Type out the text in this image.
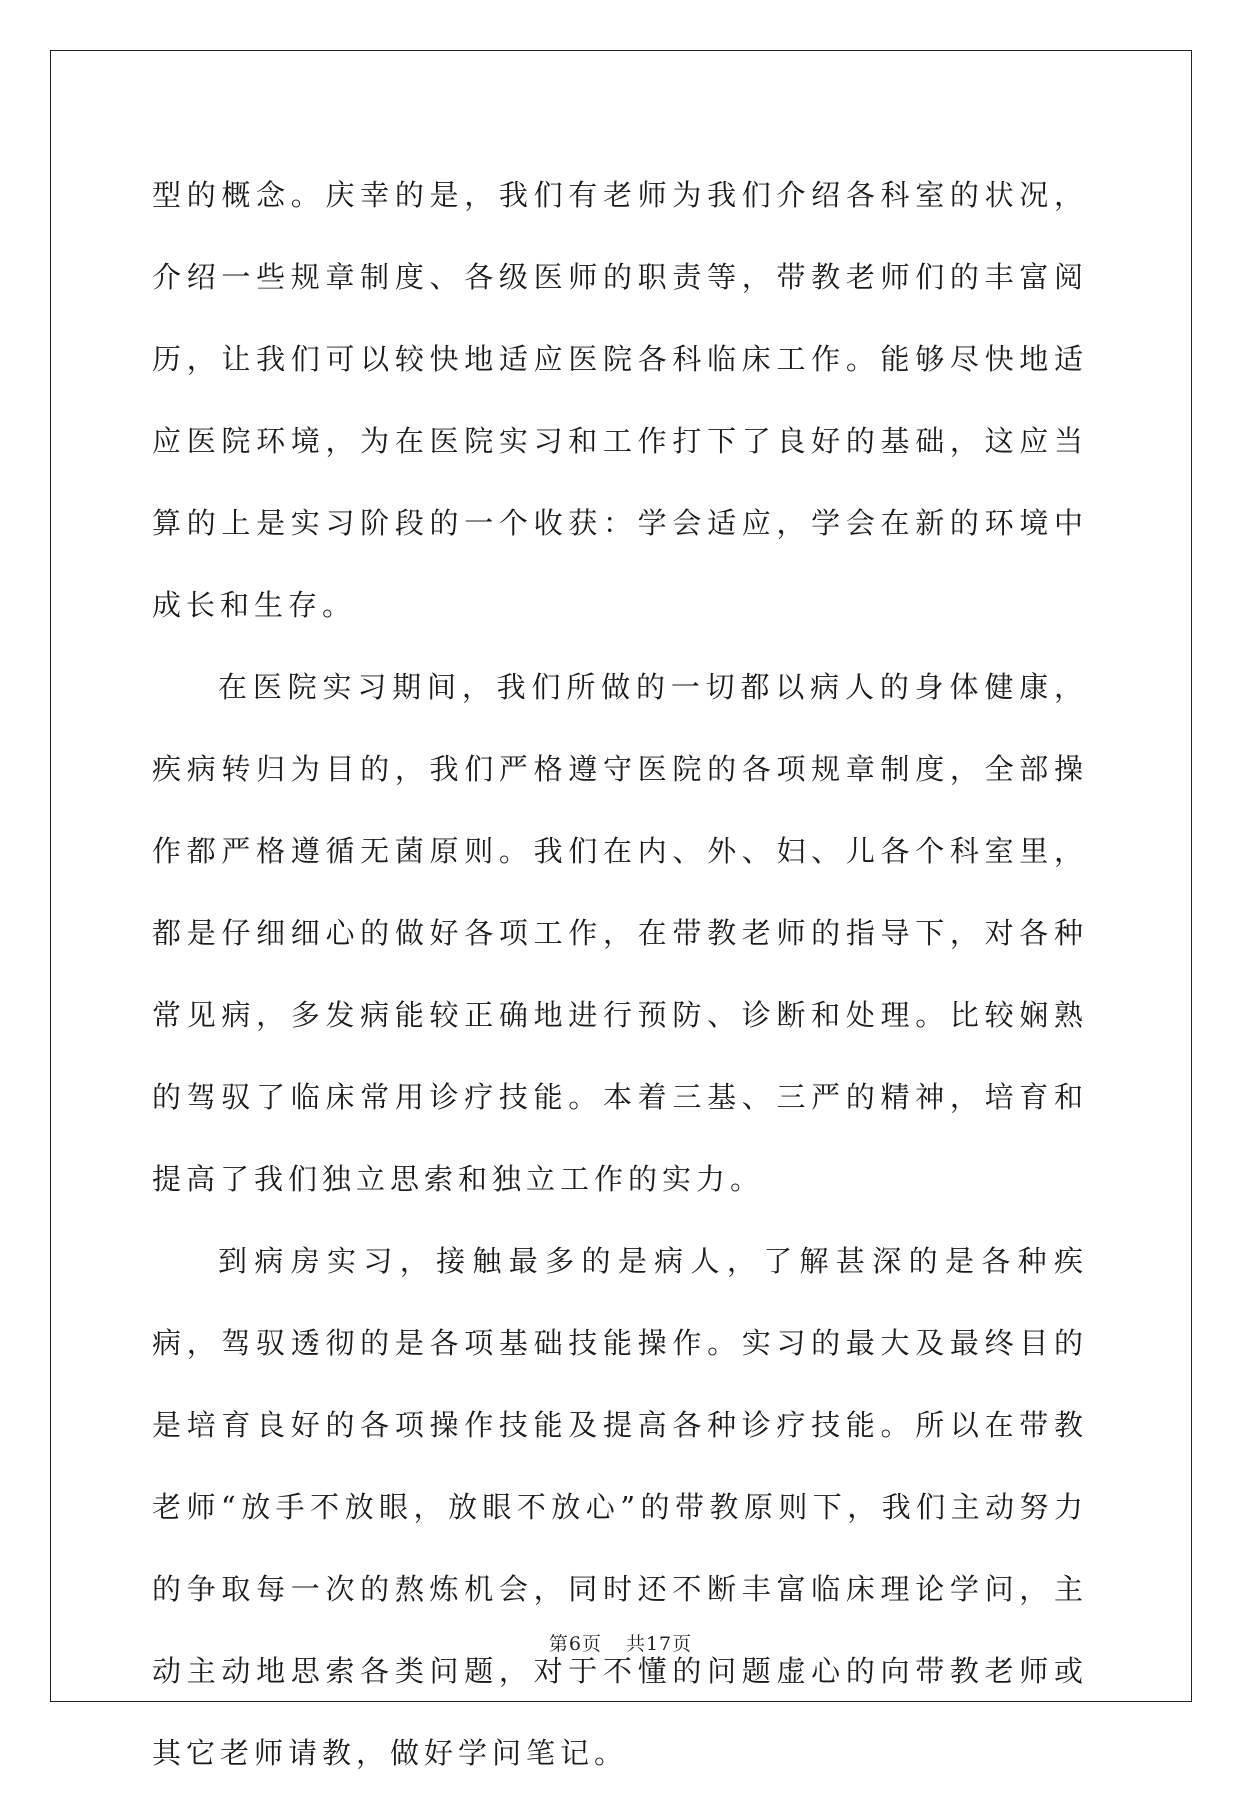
型的概念。庆幸的是，我们有老师为我们介绍各科室的状况，介绍一些规章制度、各级医师的职责等，带教老师们的丰富阅历，让我们可以较快地适应医院各科临床工作。能够尽快地适应医院环境，为在医院实习和工作打下了良好的基础，这应当算的上是实习阶段的一个收获：学会适应，学会在新的环境中成长和生存。

在医院实习期间，我们所做的一切都以病人的身体健康，疾病转归为目的，我们严格遵守医院的各项规章制度，全部操作都严格遵循无菌原则。我们在内、外、妇、儿各个科室里，都是仔细细心的做好各项工作，在带教老师的指导下，对各种常见病，多发病能较正确地进行预防、诊断和处理。比较娴熟的驾驭了临床常用诊疗技能。本着三基、三严的精神，培育和提高了我们独立思索和独立工作的实力。

到病房实习，接触最多的是病人，了解甚深的是各种疾病，驾驭透彻的是各项基础技能操作。实习的最大及最终目的是培育良好的各项操作技能及提高各种诊疗技能。所以在带教老师“放手不放眼，放眼不放心”的带教原则下，我们主动努力的争取每一次的熬炼机会，同时还不断丰富临床理论学问，主动主动地思索各类问题，对于不懂的问题虚心的向带教老师或其它老师请教，做好学问笔记。

第6页 共17页
